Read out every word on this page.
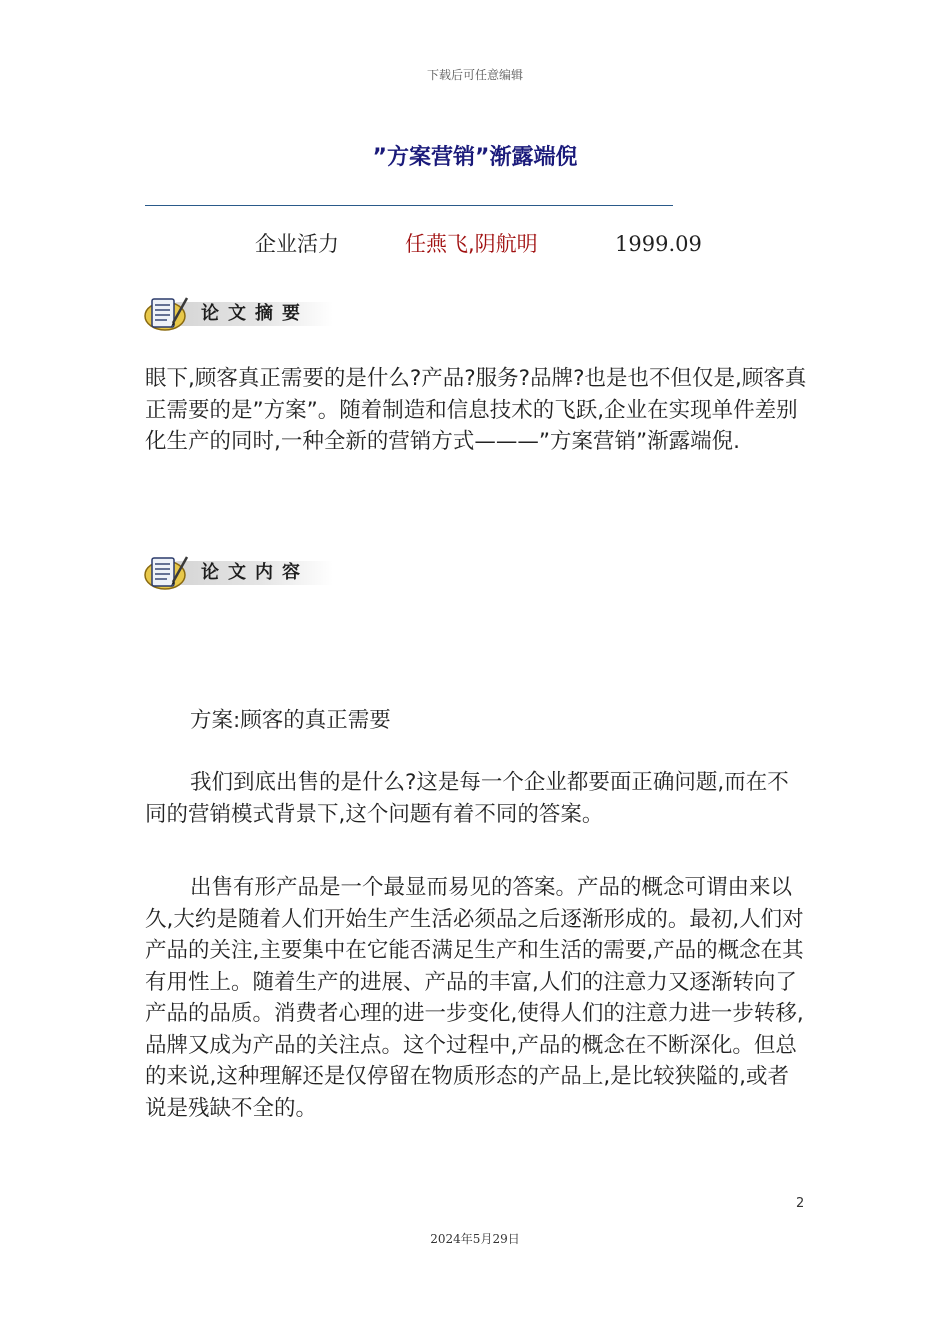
下载后可任意编辑
”方案营销”渐露端倪
企业活力	任燕飞,阴航明	1999.09
论文摘要

眼下,顾客真正需要的是什么?产品?服务?品牌?也是也不但仅是,顾客真正需要的是”方案”。随着制造和信息技术的飞跃,企业在实现单件差别化生产的同时,一种全新的营销方式———”方案营销”渐露端倪.

论文内容

方案:顾客的真正需要

我们到底出售的是什么?这是每一个企业都要面正确问题,而在不同的营销模式背景下,这个问题有着不同的答案。

出售有形产品是一个最显而易见的答案。产品的概念可谓由来以久,大约是随着人们开始生产生活必须品之后逐渐形成的。最初,人们对产品的关注,主要集中在它能否满足生产和生活的需要,产品的概念在其有用性上。随着生产的进展、产品的丰富,人们的注意力又逐渐转向了产品的品质。消费者心理的进一步变化,使得人们的注意力进一步转移,品牌又成为产品的关注点。这个过程中,产品的概念在不断深化。但总的来说,这种理解还是仅停留在物质形态的产品上,是比较狭隘的,或者说是残缺不全的。

2
2024年5月29日
